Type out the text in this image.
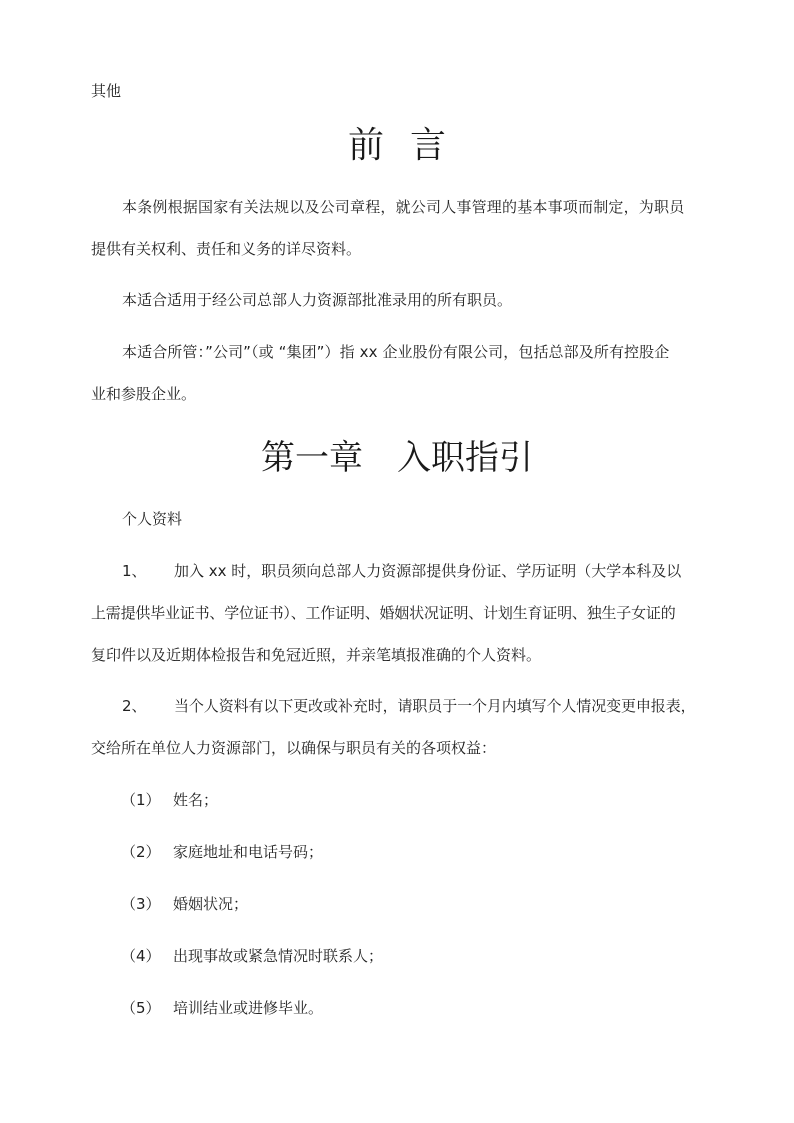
其他
前言
本条例根据国家有关法规以及公司章程，就公司人事管理的基本事项而制定，为职员
提供有关权利、责任和义务的详尽资料。
本适合适用于经公司总部人力资源部批准录用的所有职员。
本适合所管：”公司”（或 “集团”）指 xx 企业股份有限公司，包括总部及所有控股企
业和参股企业。
第一章　入职指引
个人资料
1、 加入 xx 时，职员须向总部人力资源部提供身份证、学历证明（大学本科及以
上需提供毕业证书、学位证书）、工作证明、婚姻状况证明、计划生育证明、独生子女证的
复印件以及近期体检报告和免冠近照，并亲笔填报准确的个人资料。
2、 当个人资料有以下更改或补充时，请职员于一个月内填写个人情况变更申报表，
交给所在单位人力资源部门，以确保与职员有关的各项权益：
（1） 姓名；
（2） 家庭地址和电话号码；
（3） 婚姻状况；
（4） 出现事故或紧急情况时联系人；
（5） 培训结业或进修毕业。
